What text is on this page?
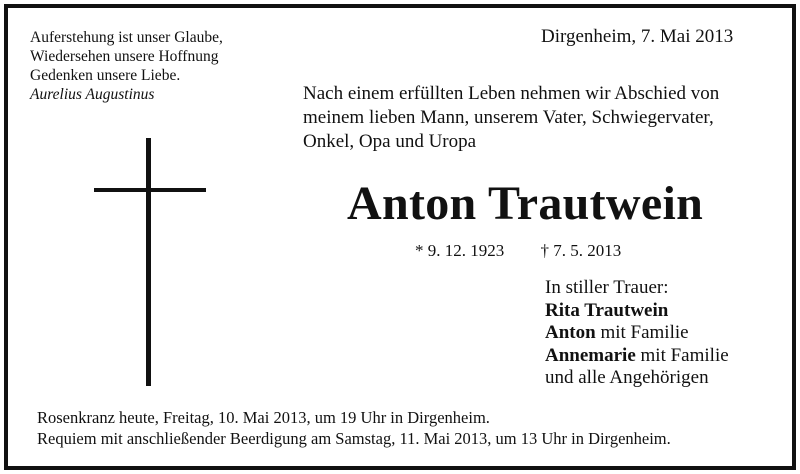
Auferstehung ist unser Glaube,
Wiedersehen unsere Hoffnung
Gedenken unsere Liebe.
Aurelius Augustinus
Dirgenheim, 7. Mai 2013
Nach einem erfüllten Leben nehmen wir Abschied von
meinem lieben Mann, unserem Vater, Schwiegervater,
Onkel, Opa und Uropa
Anton Trautwein
* 9. 12. 1923 † 7. 5. 2013
In stiller Trauer:
Rita Trautwein
Anton mit Familie
Annemarie mit Familie
und alle Angehörigen
Rosenkranz heute, Freitag, 10. Mai 2013, um 19 Uhr in Dirgenheim.
Requiem mit anschließender Beerdigung am Samstag, 11. Mai 2013, um 13 Uhr in Dirgenheim.
